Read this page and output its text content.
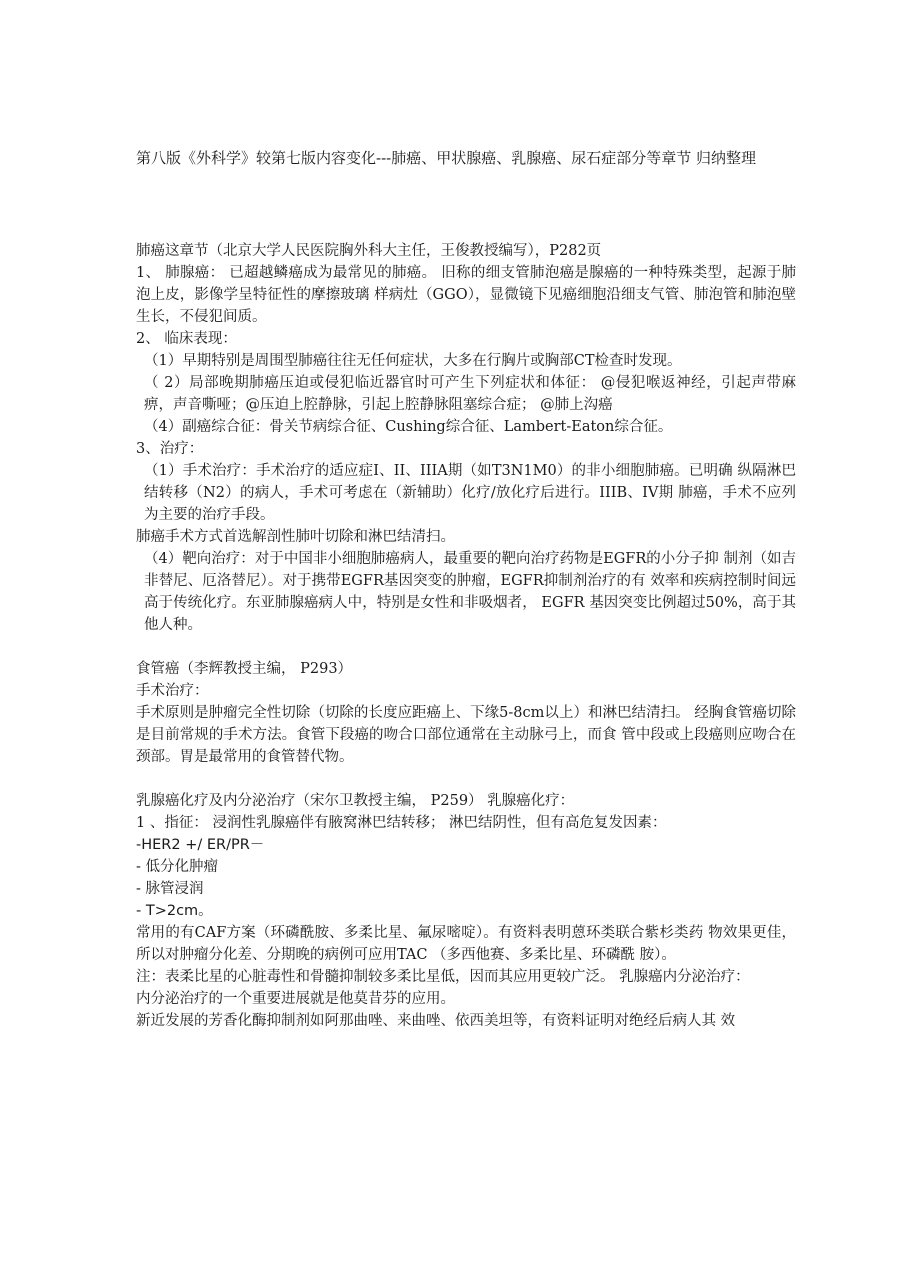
第八版《外科学》较第七版内容变化---肺癌、甲状腺癌、乳腺癌、尿石症部分等章节 归纳整理

肺癌这章节（北京大学人民医院胸外科大主任，王俊教授编写），P282页

1、 肺腺癌： 已超越鳞癌成为最常见的肺癌。 旧称的细支管肺泡癌是腺癌的一种特殊类型，起源于肺泡上皮，影像学呈特征性的摩擦玻璃 样病灶（GGO），显微镜下见癌细胞沿细支气管、肺泡管和肺泡壁生长，不侵犯间质。

2、 临床表现：

（1）早期特别是周围型肺癌往往无任何症状，大多在行胸片或胸部CT检查时发现。

（ 2）局部晚期肺癌压迫或侵犯临近器官时可产生下列症状和体征： @侵犯喉返神经，引起声带麻痹，声音嘶哑；@压迫上腔静脉，引起上腔静脉阻塞综合症； @肺上沟癌

（4）副癌综合征：骨关节病综合征、Cushing综合征、Lambert-Eaton综合征。

3、治疗：

（1）手术治疗：手术治疗的适应症I、II、IIIA期（如T3N1M0）的非小细胞肺癌。已明确 纵隔淋巴结转移（N2）的病人，手术可考虑在（新辅助）化疗/放化疗后进行。IIIB、IV期 肺癌，手术不应列为主要的治疗手段。

肺癌手术方式首选解剖性肺叶切除和淋巴结清扫。

（4）靶向治疗：对于中国非小细胞肺癌病人，最重要的靶向治疗药物是EGFR的小分子抑 制剂（如吉非替尼、厄洛替尼）。对于携带EGFR基因突变的肿瘤，EGFR抑制剂治疗的有 效率和疾病控制时间远高于传统化疗。东亚肺腺癌病人中，特别是女性和非吸烟者， EGFR 基因突变比例超过50%，高于其他人种。

食管癌（李辉教授主编， P293）

手术治疗：

手术原则是肿瘤完全性切除（切除的长度应距癌上、下缘5-8cm以上）和淋巴结清扫。 经胸食管癌切除是目前常规的手术方法。食管下段癌的吻合口部位通常在主动脉弓上，而食 管中段或上段癌则应吻合在颈部。胃是最常用的食管替代物。

乳腺癌化疗及内分泌治疗（宋尔卫教授主编， P259） 乳腺癌化疗：

1 、指征： 浸润性乳腺癌伴有腋窝淋巴结转移； 淋巴结阴性，但有高危复发因素：

-HER2 +/ ER/PR－

- 低分化肿瘤

- 脉管浸润

- T>2cm。

常用的有CAF方案（环磷酰胺、多柔比星、氟尿嘧啶）。有资料表明蒽环类联合紫杉类药 物效果更佳，所以对肿瘤分化差、分期晚的病例可应用TAC （多西他赛、多柔比星、环磷酰 胺）。

注：表柔比星的心脏毒性和骨髓抑制较多柔比星低，因而其应用更较广泛。 乳腺癌内分泌治疗：

内分泌治疗的一个重要进展就是他莫昔芬的应用。

新近发展的芳香化酶抑制剂如阿那曲唑、来曲唑、依西美坦等，有资料证明对绝经后病人其 效
